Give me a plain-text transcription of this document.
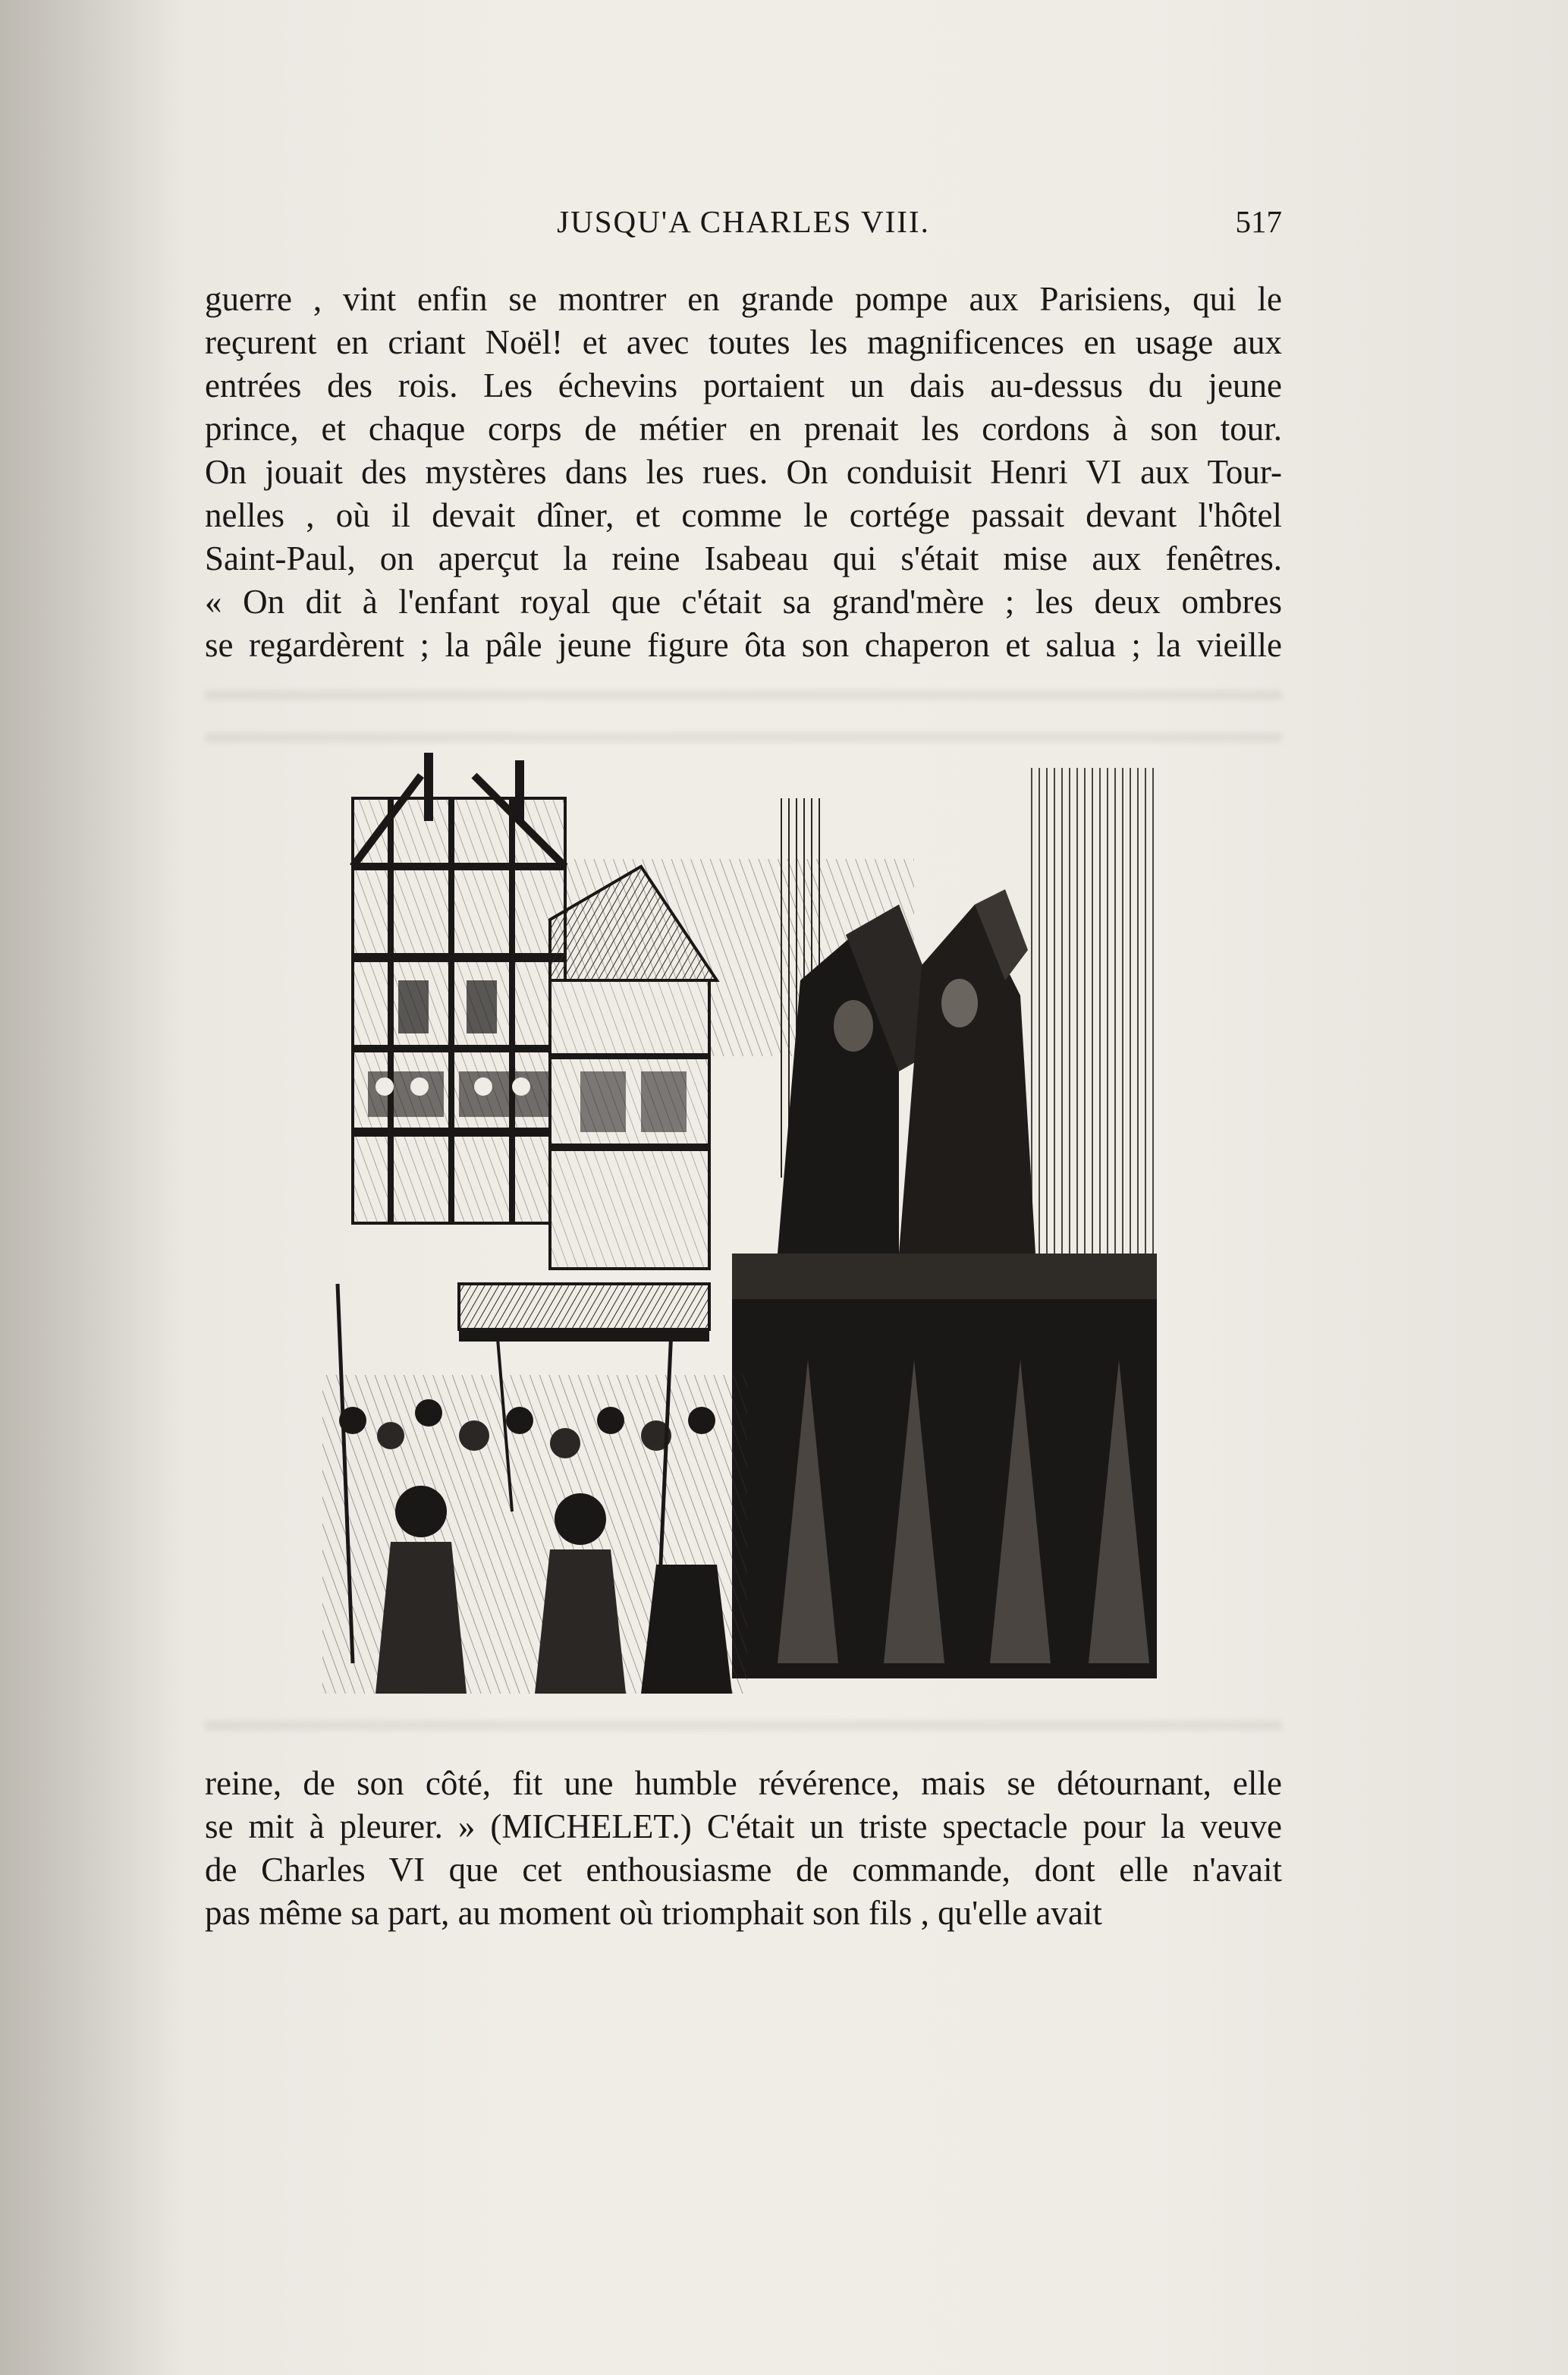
JUSQU'A CHARLES VIII.	517
guerre , vint enfin se montrer en grande pompe aux Parisiens, qui le
reçurent en criant Noël! et avec toutes les magnificences en usage aux
entrées des rois. Les échevins portaient un dais au-dessus du jeune
prince, et chaque corps de métier en prenait les cordons à son tour.
On jouait des mystères dans les rues. On conduisit Henri VI aux Tour-
nelles , où il devait dîner, et comme le cortége passait devant l'hôtel
Saint-Paul, on aperçut la reine Isabeau qui s'était mise aux fenêtres.
« On dit à l'enfant royal que c'était sa grand'mère ; les deux ombres
se regardèrent ; la pâle jeune figure ôta son chaperon et salua ; la vieille
J.CAUXFR
reine, de son côté, fit une humble révérence, mais se détournant, elle
se mit à pleurer. » (MICHELET.) C'était un triste spectacle pour la veuve
de Charles VI que cet enthousiasme de commande, dont elle n'avait
pas même sa part, au moment où triomphait son fils , qu'elle avait
